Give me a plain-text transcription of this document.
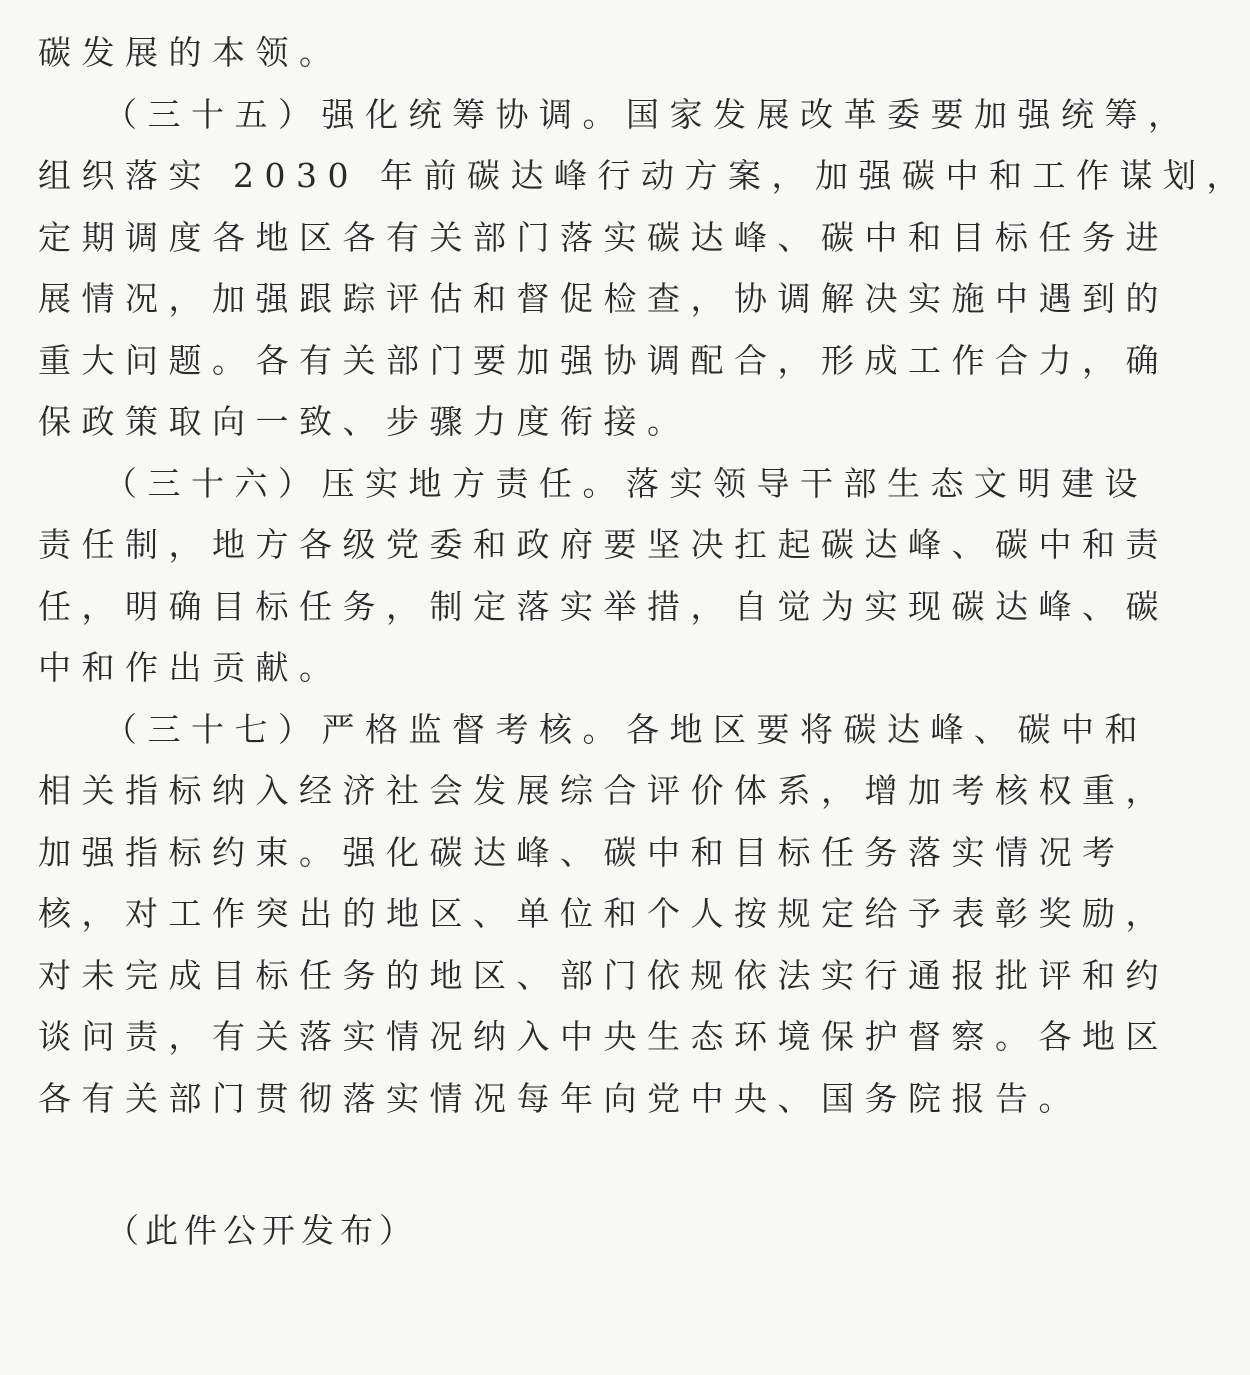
碳发展的本领。
（三十五）强化统筹协调。国家发展改革委要加强统筹，
组织落实 2030 年前碳达峰行动方案，加强碳中和工作谋划，
定期调度各地区各有关部门落实碳达峰、碳中和目标任务进
展情况，加强跟踪评估和督促检查，协调解决实施中遇到的
重大问题。各有关部门要加强协调配合，形成工作合力，确
保政策取向一致、步骤力度衔接。
（三十六）压实地方责任。落实领导干部生态文明建设
责任制，地方各级党委和政府要坚决扛起碳达峰、碳中和责
任，明确目标任务，制定落实举措，自觉为实现碳达峰、碳
中和作出贡献。
（三十七）严格监督考核。各地区要将碳达峰、碳中和
相关指标纳入经济社会发展综合评价体系，增加考核权重，
加强指标约束。强化碳达峰、碳中和目标任务落实情况考
核，对工作突出的地区、单位和个人按规定给予表彰奖励，
对未完成目标任务的地区、部门依规依法实行通报批评和约
谈问责，有关落实情况纳入中央生态环境保护督察。各地区
各有关部门贯彻落实情况每年向党中央、国务院报告。
（此件公开发布）
